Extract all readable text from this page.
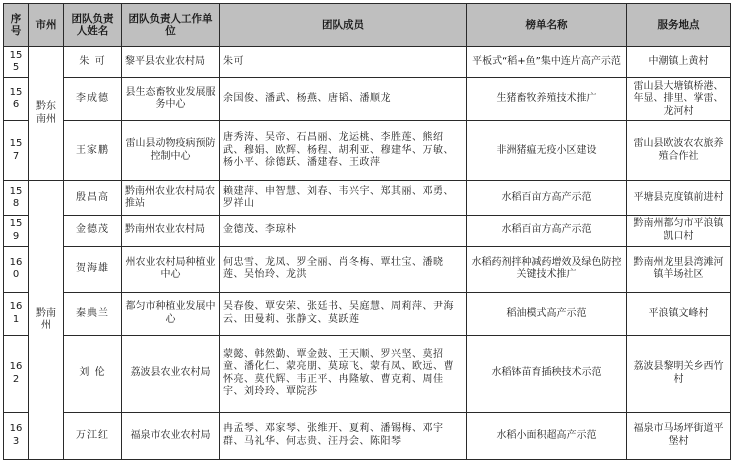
序号	市州	团队负责人姓名	团队负责人工作单位	团队成员	榜单名称	服务地点
155	黔东南州	朱 可	黎平县农业农村局	朱可	平板式“稻+鱼”集中连片高产示范	中潮镇上黄村
156		李成德	县生态畜牧业发展服务中心	余国俊、潘武、杨燕、唐韬、潘顺龙	生猪畜牧养殖技术推广	雷山县大塘镇桥港、年显、排里、掌雷、龙河村
157		王家鹏	雷山县动物疫病预防控制中心	唐秀涛、吴帝、石昌丽、龙运桃、李胜莲、熊绍武、穆娟、欧辉、杨程、胡利亚、穆建华、万敏、杨小平、徐德跃、潘建春、王政萍	非洲猪瘟无疫小区建设	雷山县欧波农农旅养殖合作社
158	黔南州	殷昌高	黔南州农业农村局农推站	赖建萍、申智慧、刘春、韦兴宇、郑其丽、邓勇、罗祥山	水稻百亩方高产示范	平塘县克度镇前进村
159		金德茂	黔南州农业农村局	金德茂、李琼朴	水稻百亩方高产示范	黔南州都匀市平浪镇凯口村
160		贺海雄	州农业农村局种植业中心	何忠雪、龙凤、罗全丽、肖冬梅、覃壮宝、潘晓莲、吴怡玲、龙洪	水稻药剂拌种减药增效及绿色防控关键技术推广	黔南州龙里县湾滩河镇羊场社区
161		秦典兰	都匀市种植业发展中心	吴春俊、覃安荣、张廷书、吴庭慧、周莉萍、尹海云、田曼莉、张静文、莫跃莲	稻油模式高产示范	平浪镇文峰村
162		刘 伦	荔波县农业农村局	蒙懿、韩然勤、覃金鼓、王天顺、罗兴坚、莫招童、潘化仁、蒙亮朋、莫琼飞、蒙有凤、欧远、曹怀亮、莫代辉、韦正平、冉隆敏、曹克莉、周佳宇、刘玲玲、覃院莎	水稻钵苗育插秧技术示范	荔波县黎明关乡西竹村
163		万江红	福泉市农业农村局	冉孟琴、邓家琴、张维开、夏莉、潘锡梅、邓宇群、马礼华、何志贵、汪丹会、陈阳琴	水稻小面积超高产示范	福泉市马场坪街道平堡村
